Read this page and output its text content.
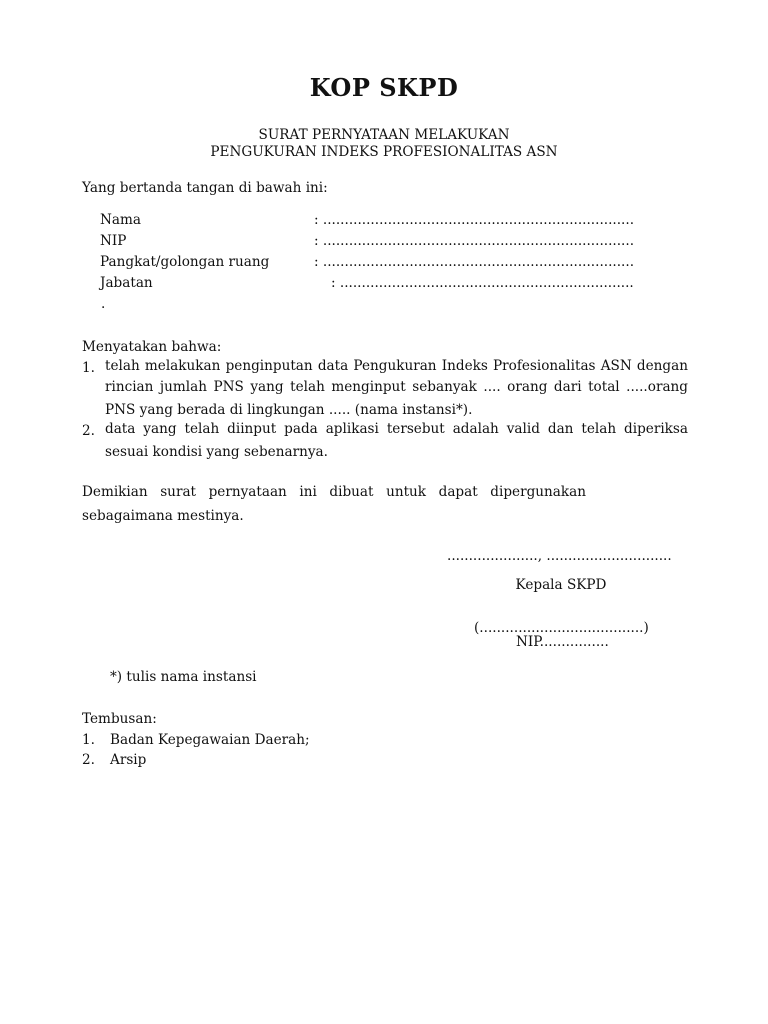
KOP SKPD

SURAT PERNYATAAN MELAKUKAN

PENGUKURAN INDEKS PROFESIONALITAS ASN

Yang bertanda tangan di bawah ini:

Nama	: ........................................................................

NIP	: ........................................................................

Pangkat/golongan ruang	: ........................................................................

Jabatan	: ....................................................................

.

Menyatakan bahwa:

1. telah melakukan penginputan data Pengukuran Indeks Profesionalitas ASN dengan

rincian jumlah PNS yang telah menginput sebanyak .... orang dari total .....orang

PNS yang berada di lingkungan ..... (nama instansi*).

2. data yang telah diinput pada aplikasi tersebut adalah valid dan telah diperiksa

sesuai kondisi yang sebenarnya.

Demikian surat pernyataan ini dibuat untuk dapat dipergunakan

sebagaimana mestinya.

....................., .............................

Kepala SKPD

(......................................)

NIP................

*) tulis nama instansi

Tembusan:

1. Badan Kepegawaian Daerah;

2. Arsip
